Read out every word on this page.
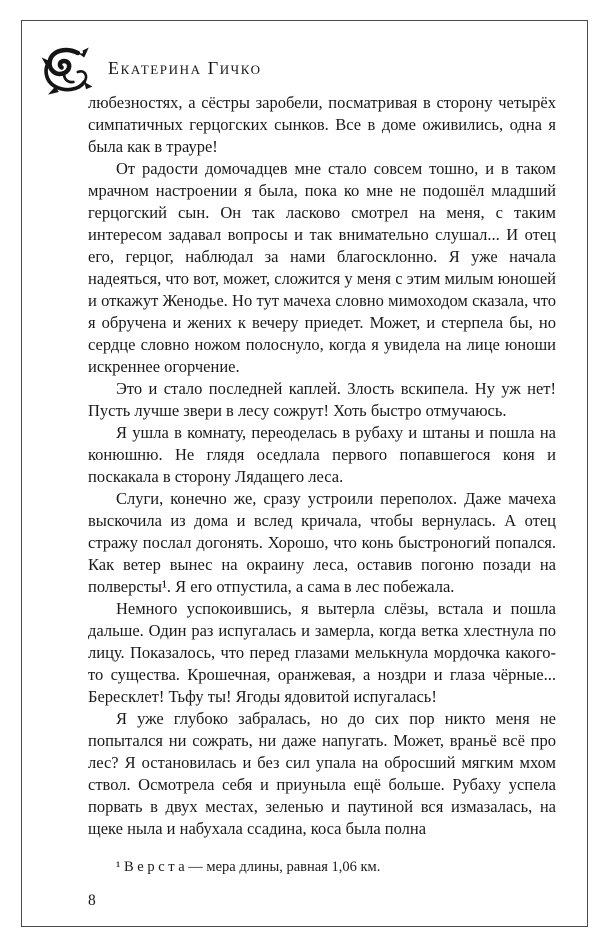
Екатерина Гичко

любезностях, а сёстры заробели, посматривая в сторону четырёх симпатичных герцогских сынков. Все в доме оживились, одна я была как в трауре!

От радости домочадцев мне стало совсем тошно, и в таком мрачном настроении я была, пока ко мне не подошёл младший герцогский сын. Он так ласково смотрел на меня, с таким интересом задавал вопросы и так внимательно слушал... И отец его, герцог, наблюдал за нами благосклонно. Я уже начала надеяться, что вот, может, сложится у меня с этим милым юношей и откажут Женодье. Но тут мачеха словно мимоходом сказала, что я обручена и жених к вечеру приедет. Может, и стерпела бы, но сердце словно ножом полоснуло, когда я увидела на лице юноши искреннее огорчение.

Это и стало последней каплей. Злость вскипела. Ну уж нет! Пусть лучше звери в лесу сожрут! Хоть быстро отмучаюсь.

Я ушла в комнату, переоделась в рубаху и штаны и пошла на конюшню. Не глядя оседлала первого попавшегося коня и поскакала в сторону Лядащего леса.

Слуги, конечно же, сразу устроили переполох. Даже мачеха выскочила из дома и вслед кричала, чтобы вернулась. А отец стражу послал догонять. Хорошо, что конь быстроногий попался. Как ветер вынес на окраину леса, оставив погоню позади на полверсты¹. Я его отпустила, а сама в лес побежала.

Немного успокоившись, я вытерла слёзы, встала и пошла дальше. Один раз испугалась и замерла, когда ветка хлестнула по лицу. Показалось, что перед глазами мелькнула мордочка какого-то существа. Крошечная, оранжевая, а ноздри и глаза чёрные... Бересклет! Тьфу ты! Ягоды ядовитой испугалась!

Я уже глубоко забралась, но до сих пор никто меня не попытался ни сожрать, ни даже напугать. Может, враньё всё про лес? Я остановилась и без сил упала на обросший мягким мхом ствол. Осмотрела себя и приуныла ещё больше. Рубаху успела порвать в двух местах, зеленью и паутиной вся измазалась, на щеке ныла и набухала ссадина, коса была полна

¹ В е р с т а — мера длины, равная 1,06 км.
8
